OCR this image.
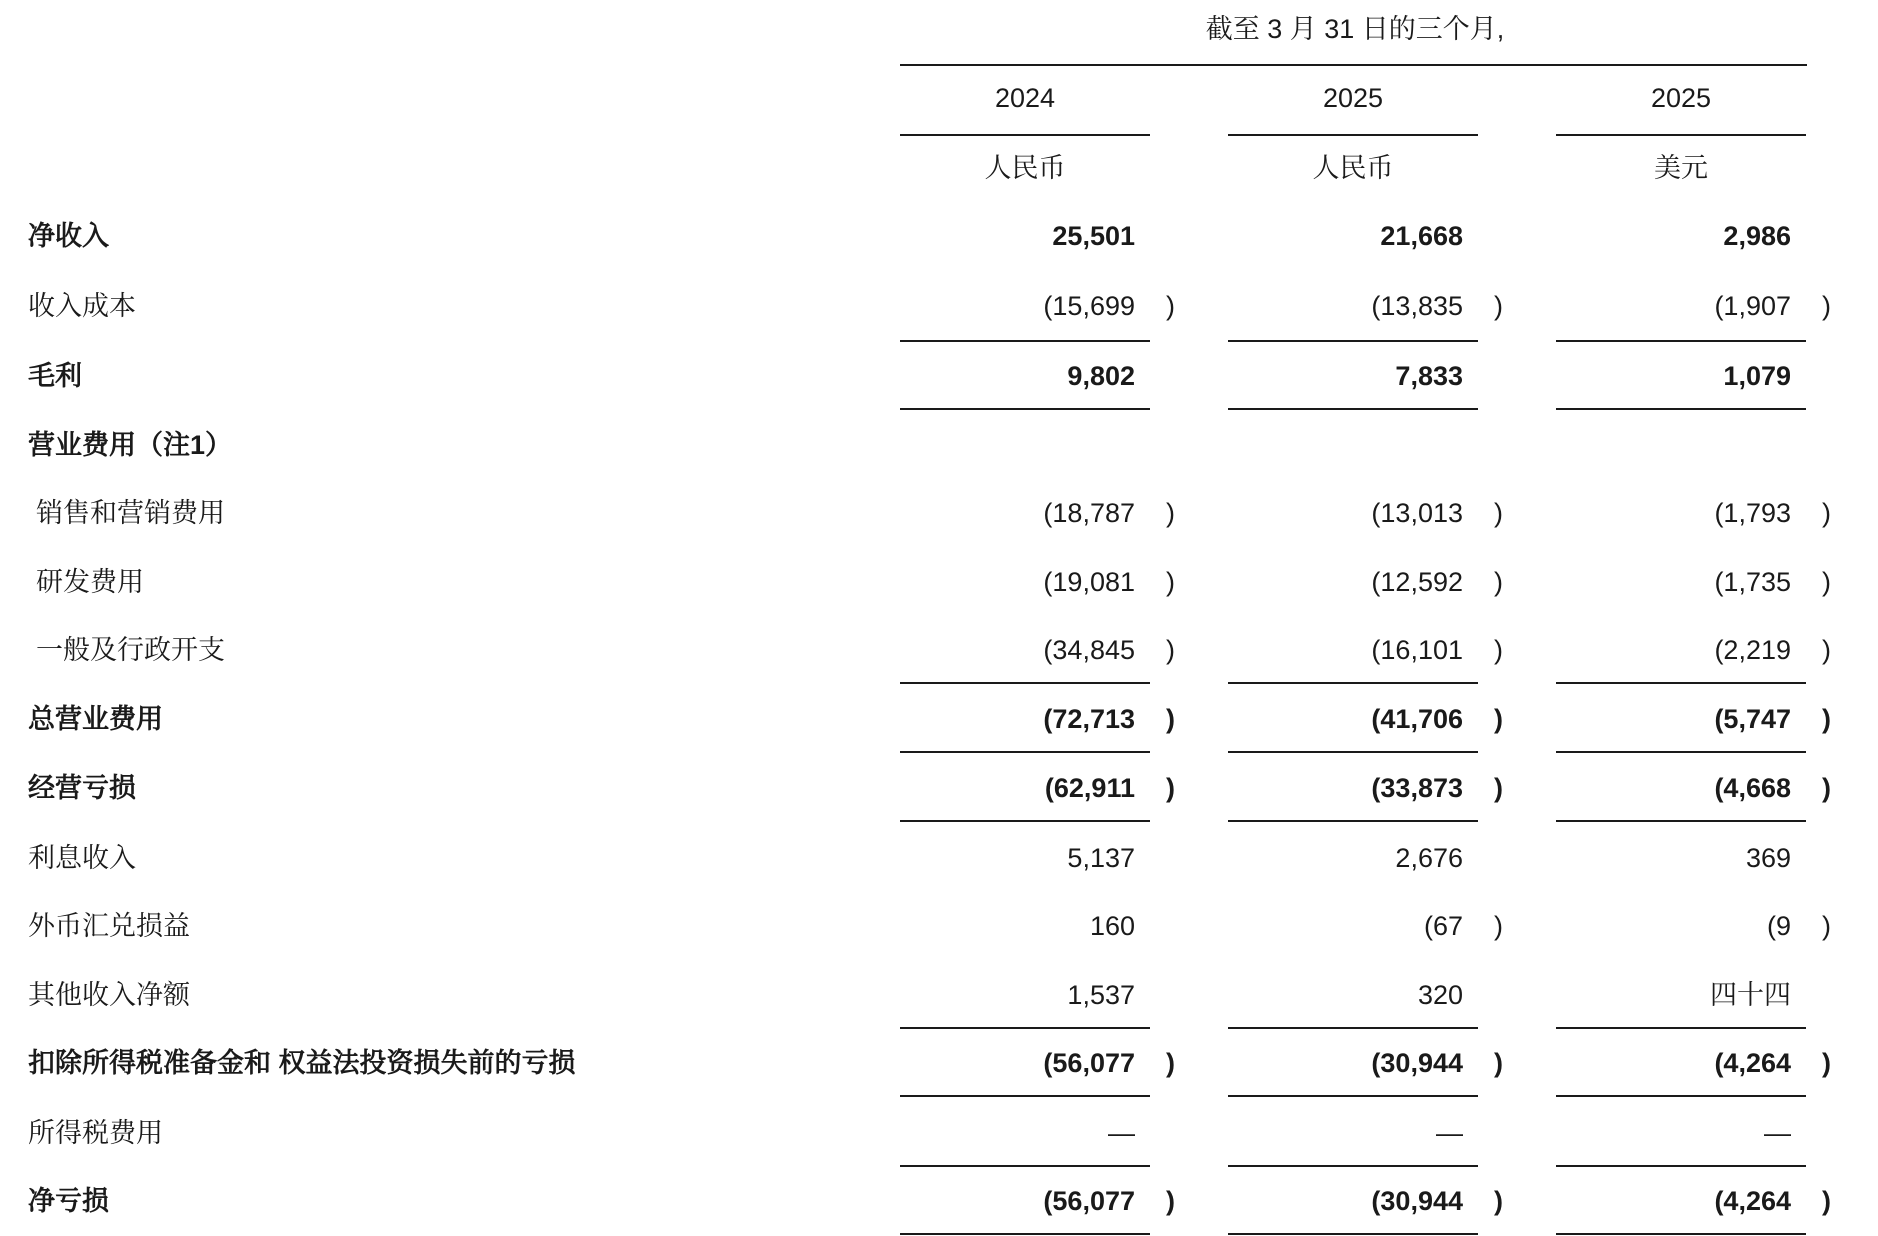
截至 3 月 31 日的三个月,
2024	2025	2025
人民币	人民币	美元
净收入	25,501	21,668	2,986
收入成本	(15,699 )	(13,835 )	(1,907 )
毛利	9,802	7,833	1,079
营业费用（注1）
销售和营销费用	(18,787 )	(13,013 )	(1,793 )
研发费用	(19,081 )	(12,592 )	(1,735 )
一般及行政开支	(34,845 )	(16,101 )	(2,219 )
总营业费用	(72,713 )	(41,706 )	(5,747 )
经营亏损	(62,911 )	(33,873 )	(4,668 )
利息收入	5,137	2,676	369
外币汇兑损益	160	(67 )	(9 )
其他收入净额	1,537	320	四十四
扣除所得税准备金和 权益法投资损失前的亏损	(56,077 )	(30,944 )	(4,264 )
所得税费用	—	—	—
净亏损	(56,077 )	(30,944 )	(4,264 )
